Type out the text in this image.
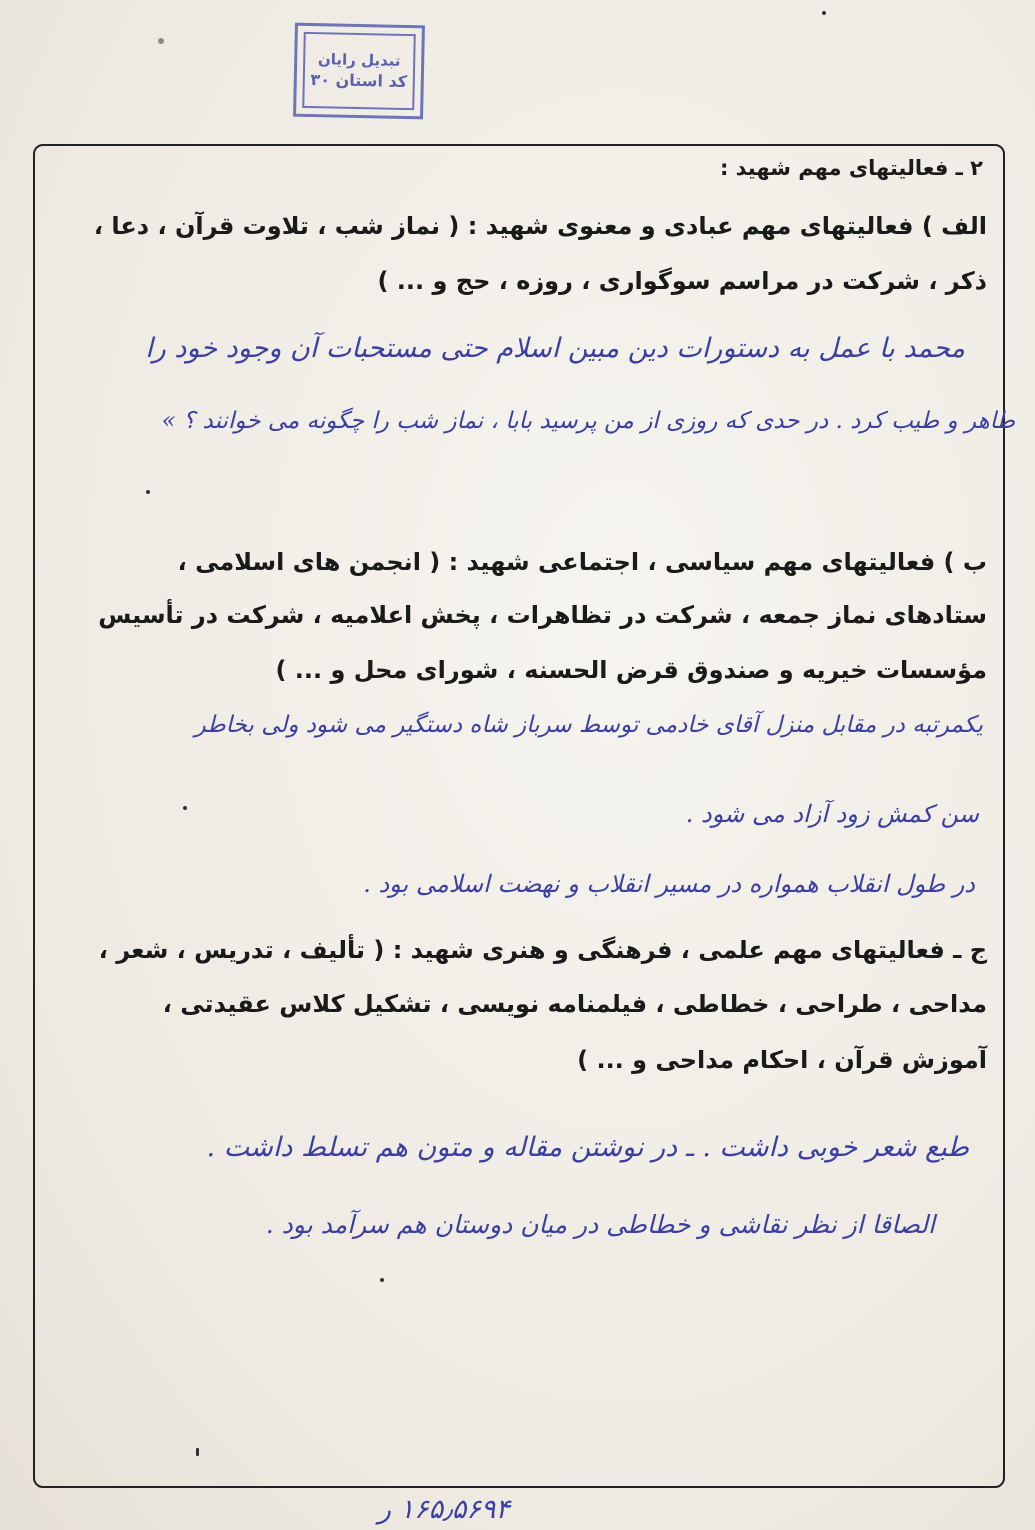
تبدیل رایان
کد استان ۳۰
۲ ـ فعالیتهای مهم شهید :
الف ) فعالیتهای مهم عبادی و معنوی شهید : ( نماز شب ، تلاوت قرآن ، دعا ،
ذکر ، شرکت در مراسم سوگواری ، روزه ، حج و ... )
محمد با عمل به دستورات دین مبین اسلام حتی مستحبات آن وجود خود را
طاهر و طیب کرد . در حدی که روزی از من پرسید بابا ، نماز شب را چگونه می خوانند ؟ »
ب ) فعالیتهای مهم سیاسی ، اجتماعی شهید : ( انجمن های اسلامی ،
ستادهای نماز جمعه ، شرکت در تظاهرات ، پخش اعلامیه ، شرکت در تأسیس
مؤسسات خیریه و صندوق قرض الحسنه ، شورای محل و ... )
یکمرتبه در مقابل منزل آقای خادمی توسط سرباز شاه دستگیر می شود ولی بخاطر
سن کمش زود آزاد می شود .
در طول انقلاب همواره در مسیر انقلاب و نهضت اسلامی بود .
ج ـ فعالیتهای مهم علمی ، فرهنگی و هنری شهید : ( تألیف ، تدریس ، شعر ،
مداحی ، طراحی ، خطاطی ، فیلمنامه نویسی ، تشکیل کلاس عقیدتی ،
آموزش قرآن ، احکام مداحی و ... )
طبع شعر خوبی داشت . ـ در نوشتن مقاله و متون هم تسلط داشت .
الصاقا از نظر نقاشی و خطاطی در میان دوستان هم سرآمد بود .
۱۶۵٫۵۶۹۴ ر
